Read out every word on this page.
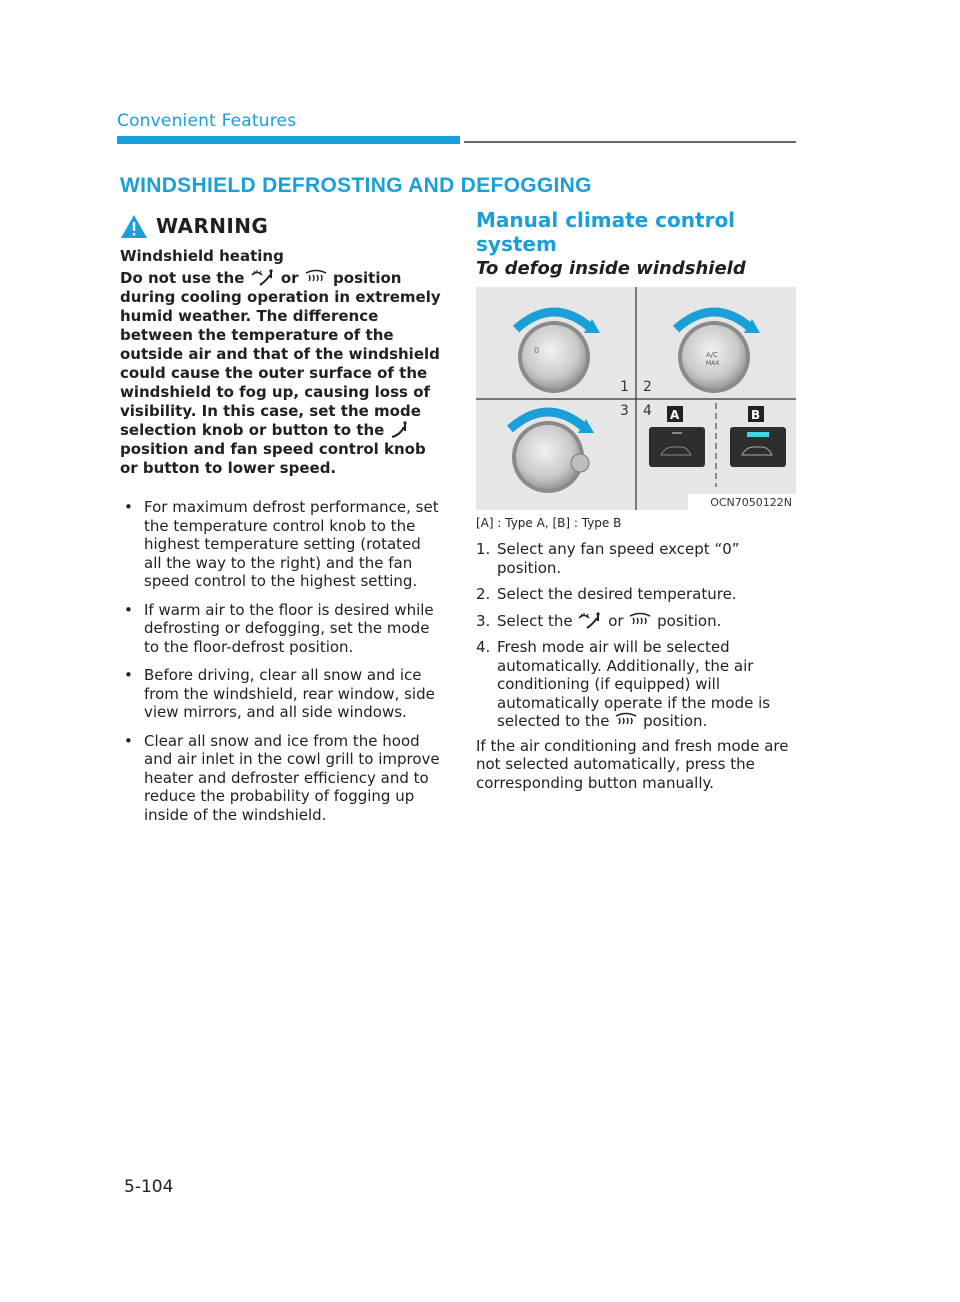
Convenient Features
WINDSHIELD DEFROSTING AND DEFOGGING
WARNING
Windshield heating
Do not use the or position during cooling operation in extremely humid weather. The difference between the temperature of the outside air and that of the windshield could cause the outer surface of the windshield to fog up, causing loss of visibility. In this case, set the mode selection knob or button to the  position and fan speed control knob or button to lower speed.
• For maximum defrost performance, set the temperature control knob to the highest temperature setting (rotated all the way to the right) and the fan speed control to the highest setting.
• If warm air to the floor is desired while defrosting or defogging, set the mode to the floor-defrost position.
• Before driving, clear all snow and ice from the windshield, rear window, side view mirrors, and all side windows.
• Clear all snow and ice from the hood and air inlet in the cowl grill to improve heater and defroster efficiency and to reduce the probability of fogging up inside of the windshield.
Manual climate control system
To defog inside windshield
0	A/C
MAX
1 2
3 4 A	B
OCN7050122N
[A] : Type A, [B] : Type B
1. Select any fan speed except “0” position.
2. Select the desired temperature.
3. Select the or position.
4. Fresh mode air will be selected automatically. Additionally, the air conditioning (if equipped) will automatically operate if the mode is selected to the position.
If the air conditioning and fresh mode are not selected automatically, press the corresponding button manually.
5-104
